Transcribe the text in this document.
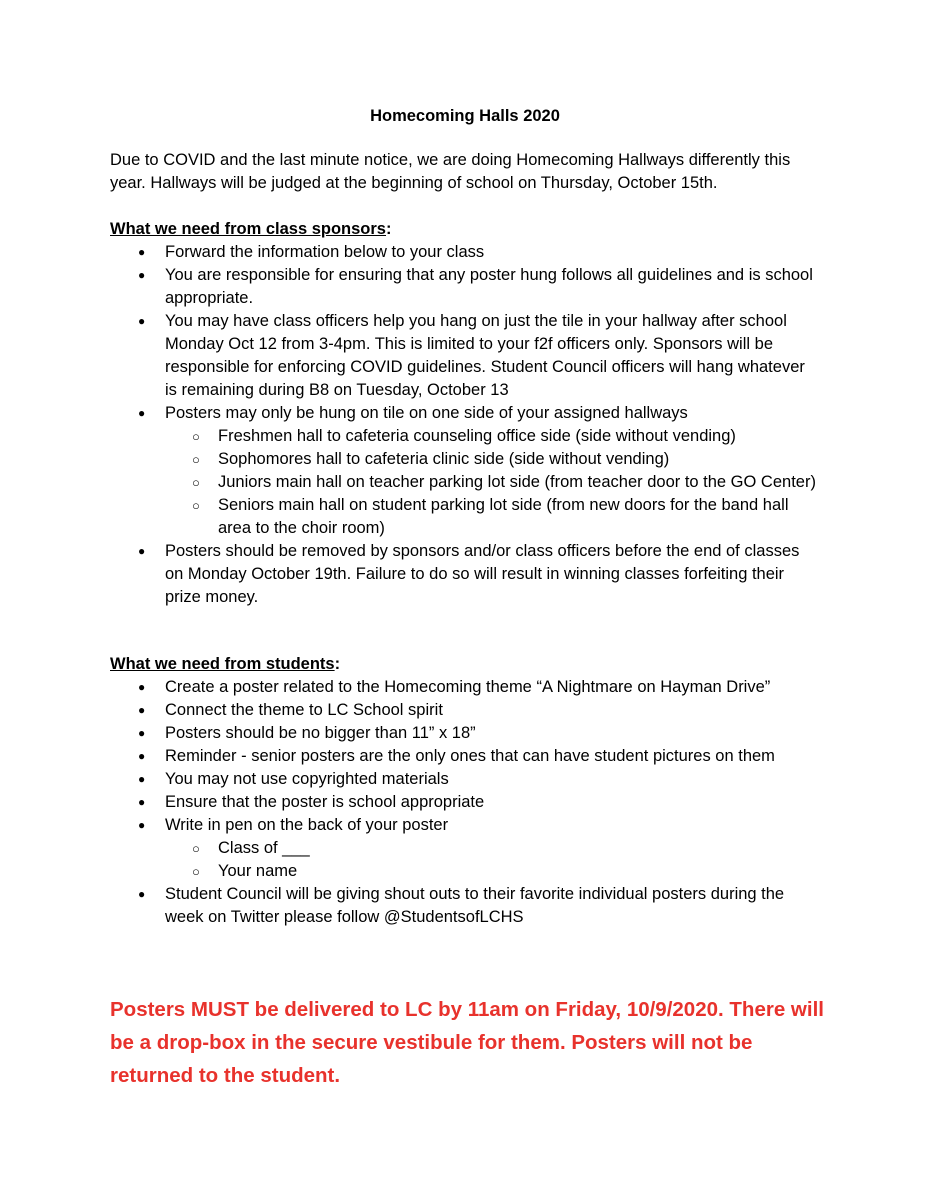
Homecoming Halls 2020
Due to COVID and the last minute notice, we are doing Homecoming Hallways differently this year. Hallways will be judged at the beginning of school on Thursday, October 15th.
What we need from class sponsors:
● Forward the information below to your class
● You are responsible for ensuring that any poster hung follows all guidelines and is school appropriate.
● You may have class officers help you hang on just the tile in your hallway after school Monday Oct 12 from 3-4pm. This is limited to your f2f officers only. Sponsors will be responsible for enforcing COVID guidelines. Student Council officers will hang whatever is remaining during B8 on Tuesday, October 13
● Posters may only be hung on tile on one side of your assigned hallways
○ Freshmen hall to cafeteria counseling office side (side without vending)
○ Sophomores hall to cafeteria clinic side (side without vending)
○ Juniors main hall on teacher parking lot side (from teacher door to the GO Center)
○ Seniors main hall on student parking lot side (from new doors for the band hall area to the choir room)
● Posters should be removed by sponsors and/or class officers before the end of classes on Monday October 19th. Failure to do so will result in winning classes forfeiting their prize money.
What we need from students:
● Create a poster related to the Homecoming theme “A Nightmare on Hayman Drive”
● Connect the theme to LC School spirit
● Posters should be no bigger than 11” x 18”
● Reminder - senior posters are the only ones that can have student pictures on them
● You may not use copyrighted materials
● Ensure that the poster is school appropriate
● Write in pen on the back of your poster
○ Class of ___
○ Your name
● Student Council will be giving shout outs to their favorite individual posters during the week on Twitter please follow @StudentsofLCHS
Posters MUST be delivered to LC by 11am on Friday, 10/9/2020. There will be a drop-box in the secure vestibule for them. Posters will not be returned to the student.
